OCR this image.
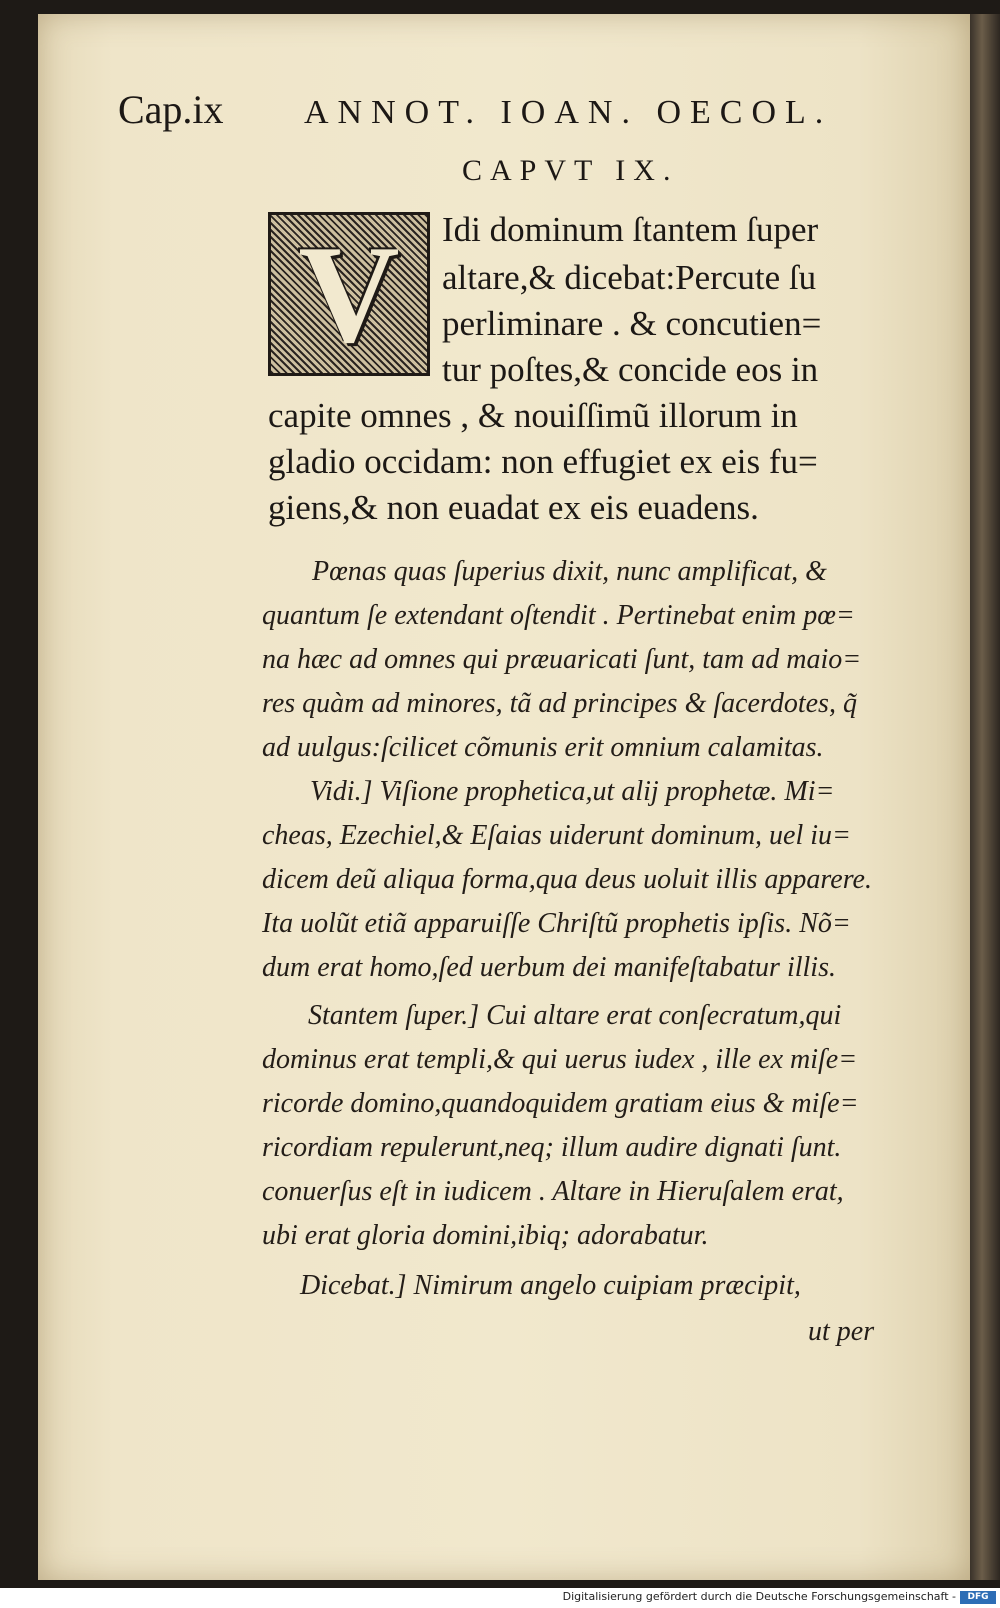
Cap.ix ANNOT. IOAN. OECOL.
CAPVT IX.
V	Idi dominum ſtantem ſuper
altare,& dicebat:Percute ſu
perliminare . & concutien=
tur poſtes,& concide eos in
capite omnes , & nouiſſimũ illorum in
gladio occidam: non effugiet ex eis fu=
giens,& non euadat ex eis euadens.
Pœnas quas ſuperius dixit, nunc amplificat, &
quantum ſe extendant oſtendit . Pertinebat enim pœ=
na hæc ad omnes qui præuaricati ſunt, tam ad maio=
res quàm ad minores, tã ad principes & ſacerdotes, q̃
ad uulgus:ſcilicet cõmunis erit omnium calamitas.
Vidi.] Viſione prophetica,ut alij prophetæ. Mi=
cheas, Ezechiel,& Eſaias uiderunt dominum, uel iu=
dicem deũ aliqua forma,qua deus uoluit illis apparere.
Ita uolũt etiã apparuiſſe Chriſtũ prophetis ipſis. Nõ=
dum erat homo,ſed uerbum dei manifeſtabatur illis.
Stantem ſuper.] Cui altare erat conſecratum,qui
dominus erat templi,& qui uerus iudex , ille ex miſe=
ricorde domino,quandoquidem gratiam eius & miſe=
ricordiam repulerunt,neq; illum audire dignati ſunt.
conuerſus eſt in iudicem . Altare in Hieruſalem erat,
ubi erat gloria domini,ibiq; adorabatur.
Dicebat.] Nimirum angelo cuipiam præcipit,
ut per
Digitalisierung gefördert durch die Deutsche Forschungsgemeinschaft -	DFG
